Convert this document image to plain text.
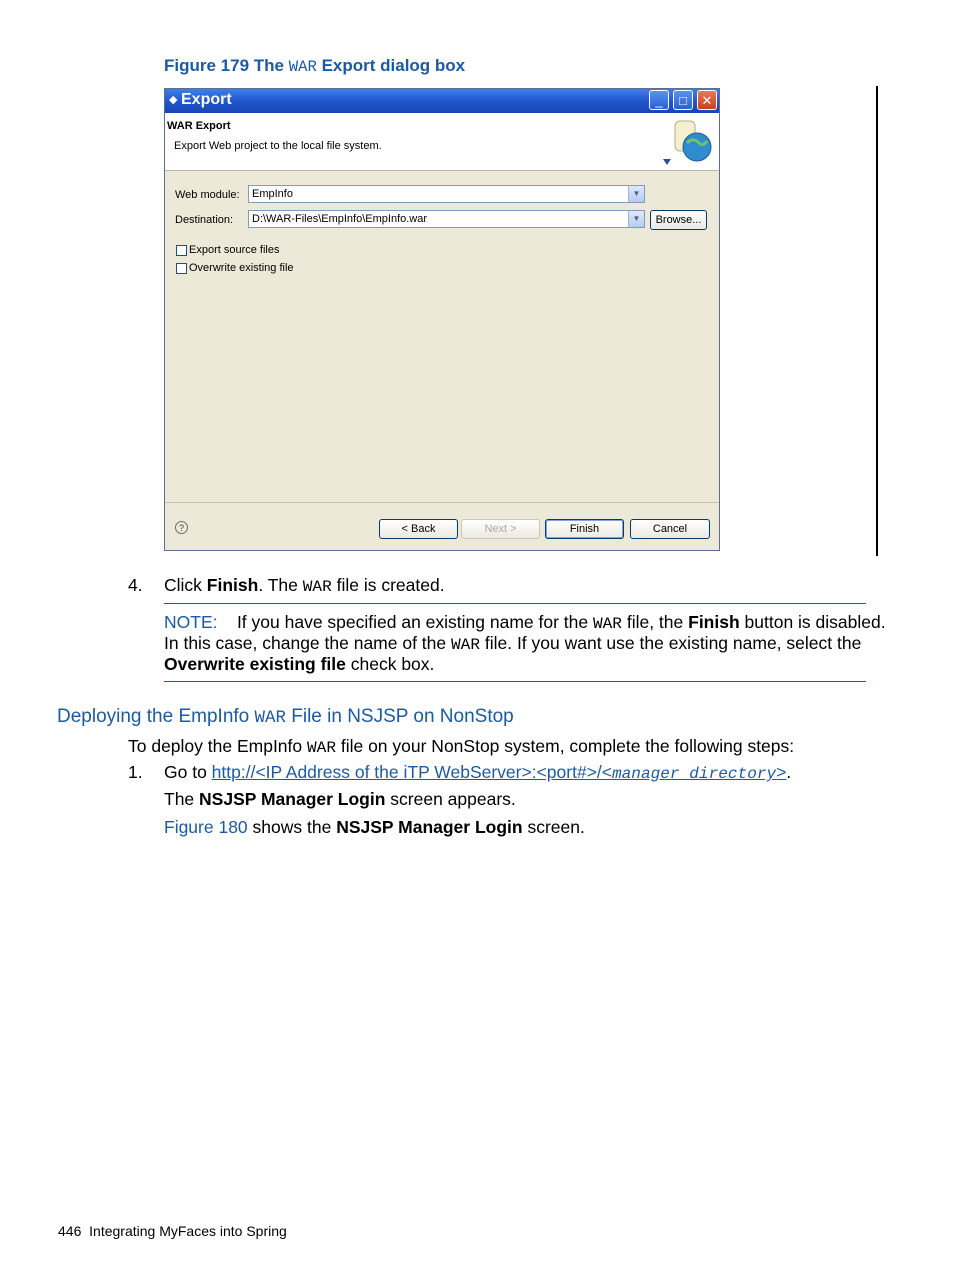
Figure 179 The WAR Export dialog box
◆ Export	_	□	✕
WAR Export
Export Web project to the local file system.
Web module:	EmpInfo	▼
Destination:	D:\WAR-Files\EmpInfo\EmpInfo.war	▼	Browse...
Export source files
Overwrite existing file
?	< Back	Next >	Finish	Cancel
4. Click Finish. The WAR file is created.
NOTE: If you have specified an existing name for the WAR file, the Finish button is disabled.
In this case, change the name of the WAR file. If you want use the existing name, select the
Overwrite existing file check box.
Deploying the EmpInfo WAR File in NSJSP on NonStop
To deploy the EmpInfo WAR file on your NonStop system, complete the following steps:
1. Go to http://<IP Address of the iTP WebServer>:<port#>/<manager directory>.
The NSJSP Manager Login screen appears.
Figure 180 shows the NSJSP Manager Login screen.
446 Integrating MyFaces into Spring
